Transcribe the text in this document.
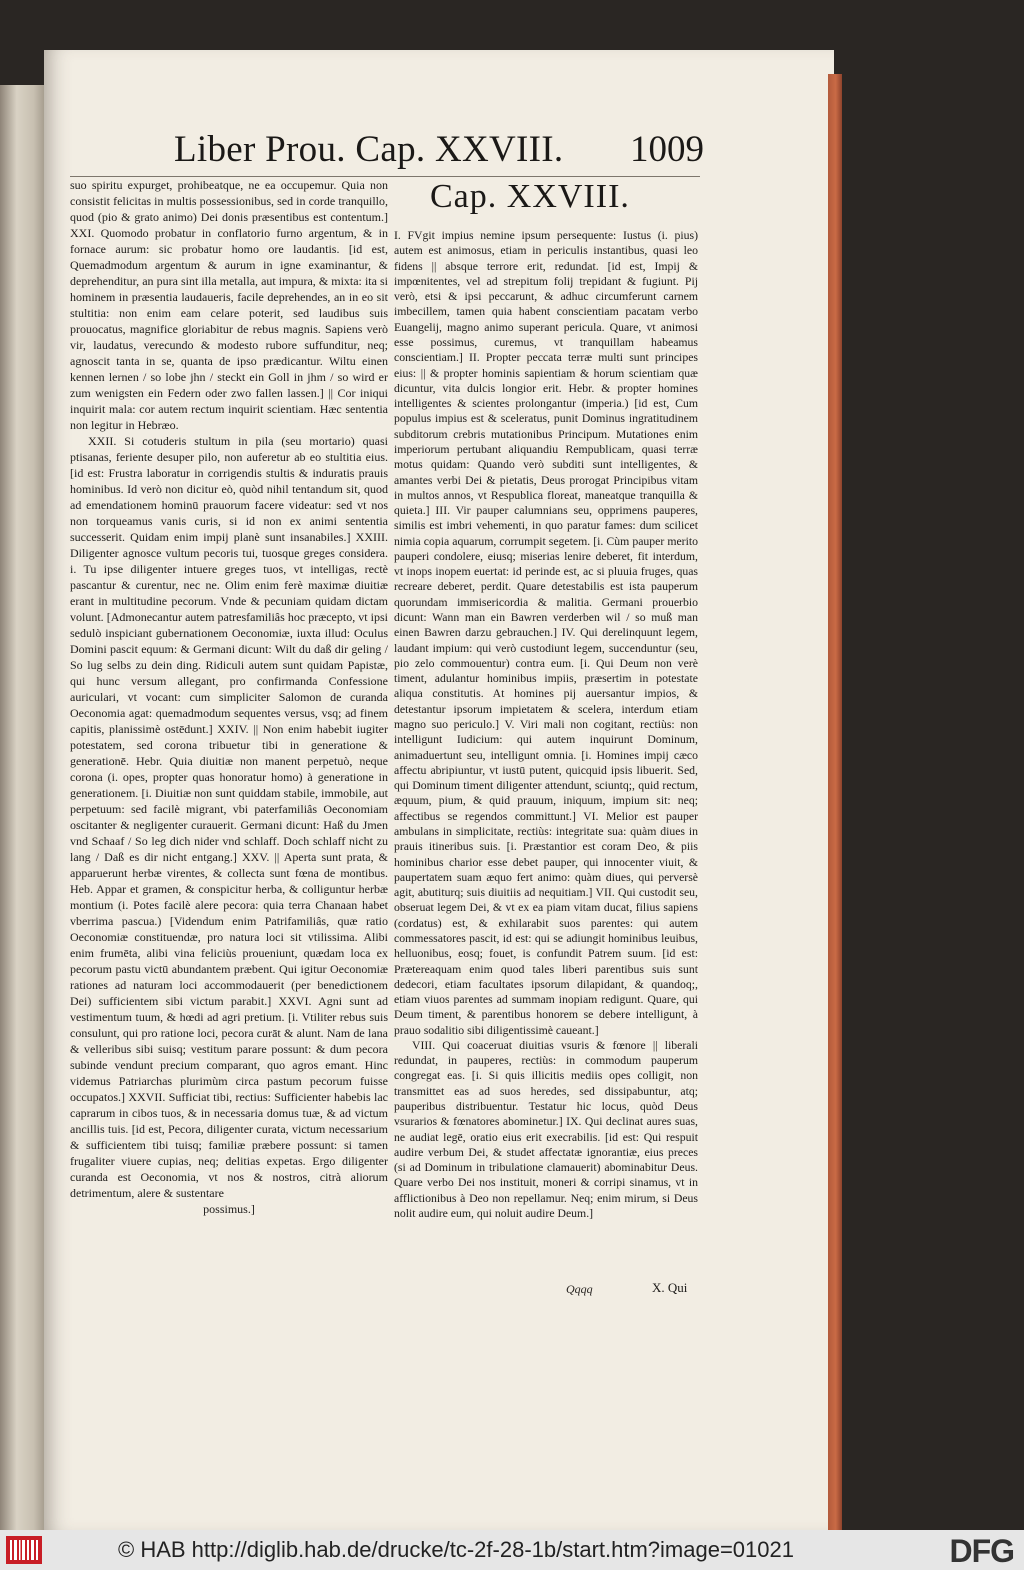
Liber Prou. Cap. XXVIII. 1009
Cap. XXVIII.

suo spiritu expurget, prohibeatque, ne ea occupemur. Quia non consistit felicitas in multis possessionibus, sed in corde tranquillo, quod (pio & grato animo) Dei donis præsentibus est contentum.] XXI. Quomodo probatur in conflatorio furno argentum, & in fornace aurum: sic probatur homo ore laudantis. [id est, Quemadmodum argentum & aurum in igne examinantur, & deprehenditur, an pura sint illa metalla, aut impura, & mixta: ita si hominem in præsentia laudaueris, facile deprehendes, an in eo sit stultitia: non enim eam celare poterit, sed laudibus suis prouocatus, magnifice gloriabitur de rebus magnis. Sapiens verò vir, laudatus, verecundo & modesto rubore suffunditur, neq; agnoscit tanta in se, quanta de ipso prædicantur. Wiltu einen kennen lernen / so lobe jhn / steckt ein Goll in jhm / so wird er zum wenigsten ein Federn oder zwo fallen lassen.] || Cor iniqui inquirit mala: cor autem rectum inquirit scientiam. Hæc sententia non legitur in Hebræo.

XXII. Si cotuderis stultum in pila (seu mortario) quasi ptisanas, feriente desuper pilo, non auferetur ab eo stultitia eius. [id est: Frustra laboratur in corrigendis stultis & induratis prauis hominibus. Id verò non dicitur eò, quòd nihil tentandum sit, quod ad emendationem hominū prauorum facere videatur: sed vt nos non torqueamus vanis curis, si id non ex animi sententia successerit. Quidam enim impij planè sunt insanabiles.] XXIII. Diligenter agnosce vultum pecoris tui, tuosque greges considera. i. Tu ipse diligenter intuere greges tuos, vt intelligas, rectè pascantur & curentur, nec ne. Olim enim ferè maximæ diuitiæ erant in multitudine pecorum. Vnde & pecuniam quidam dictam volunt. [Admonecantur autem patresfamiliâs hoc præcepto, vt ipsi sedulò inspiciant gubernationem Oeconomiæ, iuxta illud: Oculus Domini pascit equum: & Germani dicunt: Wilt du daß dir geling / So lug selbs zu dein ding. Ridiculi autem sunt quidam Papistæ, qui hunc versum allegant, pro confirmanda Confessione auriculari, vt vocant: cum simpliciter Salomon de curanda Oeconomia agat: quemadmodum sequentes versus, vsq; ad finem capitis, planissimè ostēdunt.] XXIV. || Non enim habebit iugiter potestatem, sed corona tribuetur tibi in generatione & generationē. Hebr. Quia diuitiæ non manent perpetuò, neque corona (i. opes, propter quas honoratur homo) à generatione in generationem. [i. Diuitiæ non sunt quiddam stabile, immobile, aut perpetuum: sed facilè migrant, vbi paterfamiliâs Oeconomiam oscitanter & negligenter curauerit. Germani dicunt: Haß du Jmen vnd Schaaf / So leg dich nider vnd schlaff. Doch schlaff nicht zu lang / Daß es dir nicht entgang.] XXV. || Aperta sunt prata, & apparuerunt herbæ virentes, & collecta sunt fœna de montibus. Heb. Appar et gramen, & conspicitur herba, & colliguntur herbæ montium (i. Potes facilè alere pecora: quia terra Chanaan habet vberrima pascua.) [Videndum enim Patrifamiliâs, quæ ratio Oeconomiæ constituendæ, pro natura loci sit vtilissima. Alibi enim frumēta, alibi vina feliciùs proueniunt, quædam loca ex pecorum pastu victū abundantem præbent. Qui igitur Oeconomiæ rationes ad naturam loci accommodauerit (per benedictionem Dei) sufficientem sibi victum parabit.] XXVI. Agni sunt ad vestimentum tuum, & hœdi ad agri pretium. [i. Vtiliter rebus suis consulunt, qui pro ratione loci, pecora curāt & alunt. Nam de lana & velleribus sibi suisq; vestitum parare possunt: & dum pecora subinde vendunt precium comparant, quo agros emant. Hinc videmus Patriarchas plurimùm circa pastum pecorum fuisse occupatos.] XXVII. Sufficiat tibi, rectius: Sufficienter habebis lac caprarum in cibos tuos, & in necessaria domus tuæ, & ad victum ancillis tuis. [id est, Pecora, diligenter curata, victum necessarium & sufficientem tibi tuisq; familiæ præbere possunt: si tamen frugaliter viuere cupias, neq; delitias expetas. Ergo diligenter curanda est Oeconomia, vt nos & nostros, citrà aliorum detrimentum, alere & sustentare

possimus.]

I. FVgit impius nemine ipsum persequente: Iustus (i. pius) autem est animosus, etiam in periculis instantibus, quasi leo fidens || absque terrore erit, redundat. [id est, Impij & impœnitentes, vel ad strepitum folij trepidant & fugiunt. Pij verò, etsi & ipsi peccarunt, & adhuc circumferunt carnem imbecillem, tamen quia habent conscientiam pacatam verbo Euangelij, magno animo superant pericula. Quare, vt animosi esse possimus, curemus, vt tranquillam habeamus conscientiam.] II. Propter peccata terræ multi sunt principes eius: || & propter hominis sapientiam & horum scientiam quæ dicuntur, vita dulcis longior erit. Hebr. & propter homines intelligentes & scientes prolongantur (imperia.) [id est, Cum populus impius est & sceleratus, punit Dominus ingratitudinem subditorum crebris mutationibus Principum. Mutationes enim imperiorum pertubant aliquandiu Rempublicam, quasi terræ motus quidam: Quando verò subditi sunt intelligentes, & amantes verbi Dei & pietatis, Deus prorogat Principibus vitam in multos annos, vt Respublica floreat, maneatque tranquilla & quieta.] III. Vir pauper calumnians seu, opprimens pauperes, similis est imbri vehementi, in quo paratur fames: dum scilicet nimia copia aquarum, corrumpit segetem. [i. Cùm pauper merito pauperi condolere, eiusq; miserias lenire deberet, fit interdum, vt inops inopem euertat: id perinde est, ac si pluuia fruges, quas recreare deberet, perdit. Quare detestabilis est ista pauperum quorundam immisericordia & malitia. Germani prouerbio dicunt: Wann man ein Bawren verderben wil / so muß man einen Bawren darzu gebrauchen.] IV. Qui derelinquunt legem, laudant impium: qui verò custodiunt legem, succenduntur (seu, pio zelo commouentur) contra eum. [i. Qui Deum non verè timent, adulantur hominibus impiis, præsertim in potestate aliqua constitutis. At homines pij auersantur impios, & detestantur ipsorum impietatem & scelera, interdum etiam magno suo periculo.] V. Viri mali non cogitant, rectiùs: non intelligunt Iudicium: qui autem inquirunt Dominum, animaduertunt seu, intelligunt omnia. [i. Homines impij cæco affectu abripiuntur, vt iustū putent, quicquid ipsis libuerit. Sed, qui Dominum timent diligenter attendunt, sciuntq;, quid rectum, æquum, pium, & quid prauum, iniquum, impium sit: neq; affectibus se regendos committunt.] VI. Melior est pauper ambulans in simplicitate, rectiùs: integritate sua: quàm diues in prauis itineribus suis. [i. Præstantior est coram Deo, & piis hominibus charior esse debet pauper, qui innocenter viuit, & paupertatem suam æquo fert animo: quàm diues, qui perversè agit, abutiturq; suis diuitiis ad nequitiam.] VII. Qui custodit seu, obseruat legem Dei, & vt ex ea piam vitam ducat, filius sapiens (cordatus) est, & exhilarabit suos parentes: qui autem commessatores pascit, id est: qui se adiungit hominibus leuibus, helluonibus, eosq; fouet, is confundit Patrem suum. [id est: Prætereaquam enim quod tales liberi parentibus suis sunt dedecori, etiam facultates ipsorum dilapidant, & quandoq;, etiam viuos parentes ad summam inopiam redigunt. Quare, qui Deum timent, & parentibus honorem se debere intelligunt, à prauo sodalitio sibi diligentissimè caueant.]

VIII. Qui coaceruat diuitias vsuris & fœnore || liberali redundat, in pauperes, rectiùs: in commodum pauperum congregat eas. [i. Si quis illicitis mediis opes colligit, non transmittet eas ad suos heredes, sed dissipabuntur, atq; pauperibus distribuentur. Testatur hic locus, quòd Deus vsurarios & fœnatores abominetur.] IX. Qui declinat aures suas, ne audiat legē, oratio eius erit execrabilis. [id est: Qui respuit audire verbum Dei, & studet affectatæ ignorantiæ, eius preces (si ad Dominum in tribulatione clamauerit) abominabitur Deus. Quare verbo Dei nos instituit, moneri & corripi sinamus, vt in afflictionibus à Deo non repellamur. Neq; enim mirum, si Deus nolit audire eum, qui noluit audire Deum.]

Qqqq	X. Qui
© HAB http://diglib.hab.de/drucke/tc-2f-28-1b/start.htm?image=01021	DFG
